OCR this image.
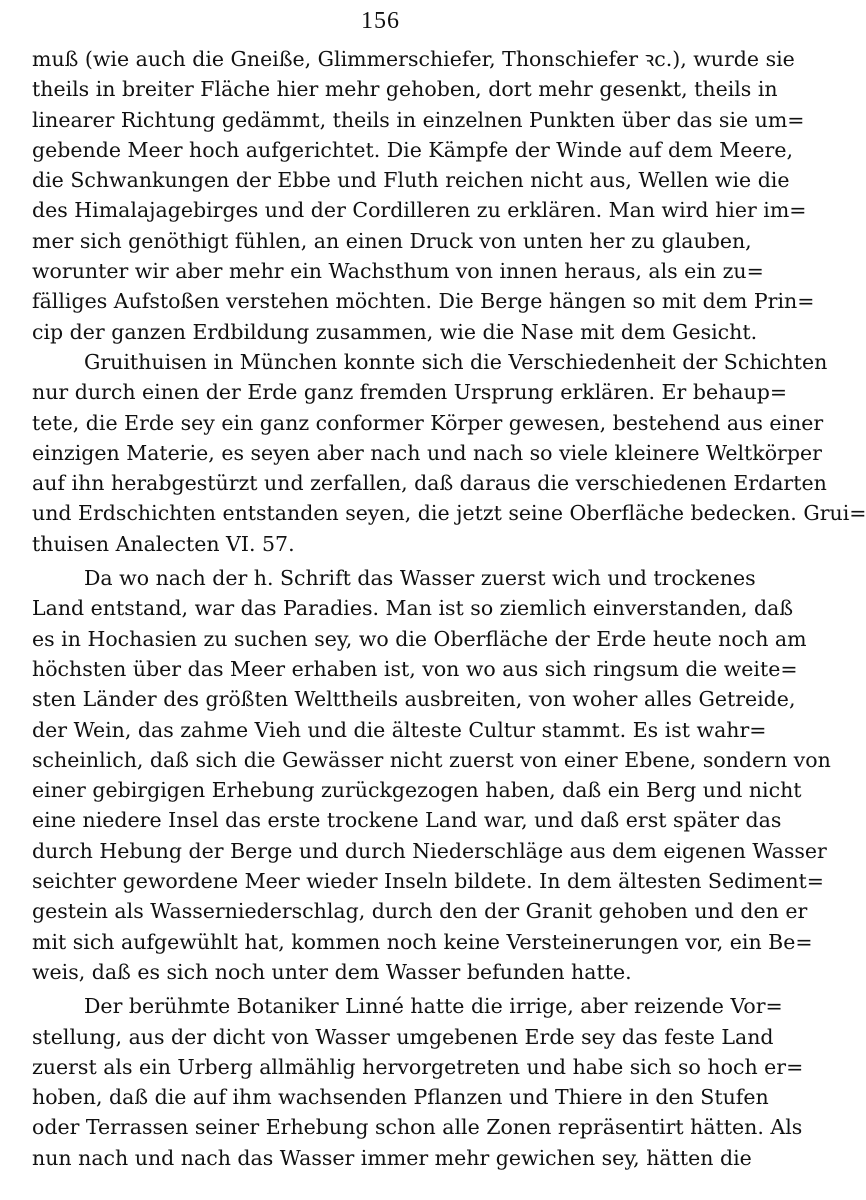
156
muß (wie auch die Gneiße, Glimmerschiefer, Thonschiefer ꝛc.), wurde sie
theils in breiter Fläche hier mehr gehoben, dort mehr gesenkt, theils in
linearer Richtung gedämmt, theils in einzelnen Punkten über das sie um=
gebende Meer hoch aufgerichtet. Die Kämpfe der Winde auf dem Meere,
die Schwankungen der Ebbe und Fluth reichen nicht aus, Wellen wie die
des Himalajagebirges und der Cordilleren zu erklären. Man wird hier im=
mer sich genöthigt fühlen, an einen Druck von unten her zu glauben,
worunter wir aber mehr ein Wachsthum von innen heraus, als ein zu=
fälliges Aufstoßen verstehen möchten. Die Berge hängen so mit dem Prin=
cip der ganzen Erdbildung zusammen, wie die Nase mit dem Gesicht.
Gruithuisen in München konnte sich die Verschiedenheit der Schichten
nur durch einen der Erde ganz fremden Ursprung erklären. Er behaup=
tete, die Erde sey ein ganz conformer Körper gewesen, bestehend aus einer
einzigen Materie, es seyen aber nach und nach so viele kleinere Weltkörper
auf ihn herabgestürzt und zerfallen, daß daraus die verschiedenen Erdarten
und Erdschichten entstanden seyen, die jetzt seine Oberfläche bedecken. Grui=
thuisen Analecten VI. 57.
Da wo nach der h. Schrift das Wasser zuerst wich und trockenes
Land entstand, war das Paradies. Man ist so ziemlich einverstanden, daß
es in Hochasien zu suchen sey, wo die Oberfläche der Erde heute noch am
höchsten über das Meer erhaben ist, von wo aus sich ringsum die weite=
sten Länder des größten Welttheils ausbreiten, von woher alles Getreide,
der Wein, das zahme Vieh und die älteste Cultur stammt. Es ist wahr=
scheinlich, daß sich die Gewässer nicht zuerst von einer Ebene, sondern von
einer gebirgigen Erhebung zurückgezogen haben, daß ein Berg und nicht
eine niedere Insel das erste trockene Land war, und daß erst später das
durch Hebung der Berge und durch Niederschläge aus dem eigenen Wasser
seichter gewordene Meer wieder Inseln bildete. In dem ältesten Sediment=
gestein als Wasserniederschlag, durch den der Granit gehoben und den er
mit sich aufgewühlt hat, kommen noch keine Versteinerungen vor, ein Be=
weis, daß es sich noch unter dem Wasser befunden hatte.
Der berühmte Botaniker Linné hatte die irrige, aber reizende Vor=
stellung, aus der dicht von Wasser umgebenen Erde sey das feste Land
zuerst als ein Urberg allmählig hervorgetreten und habe sich so hoch er=
hoben, daß die auf ihm wachsenden Pflanzen und Thiere in den Stufen
oder Terrassen seiner Erhebung schon alle Zonen repräsentirt hätten. Als
nun nach und nach das Wasser immer mehr gewichen sey, hätten die
